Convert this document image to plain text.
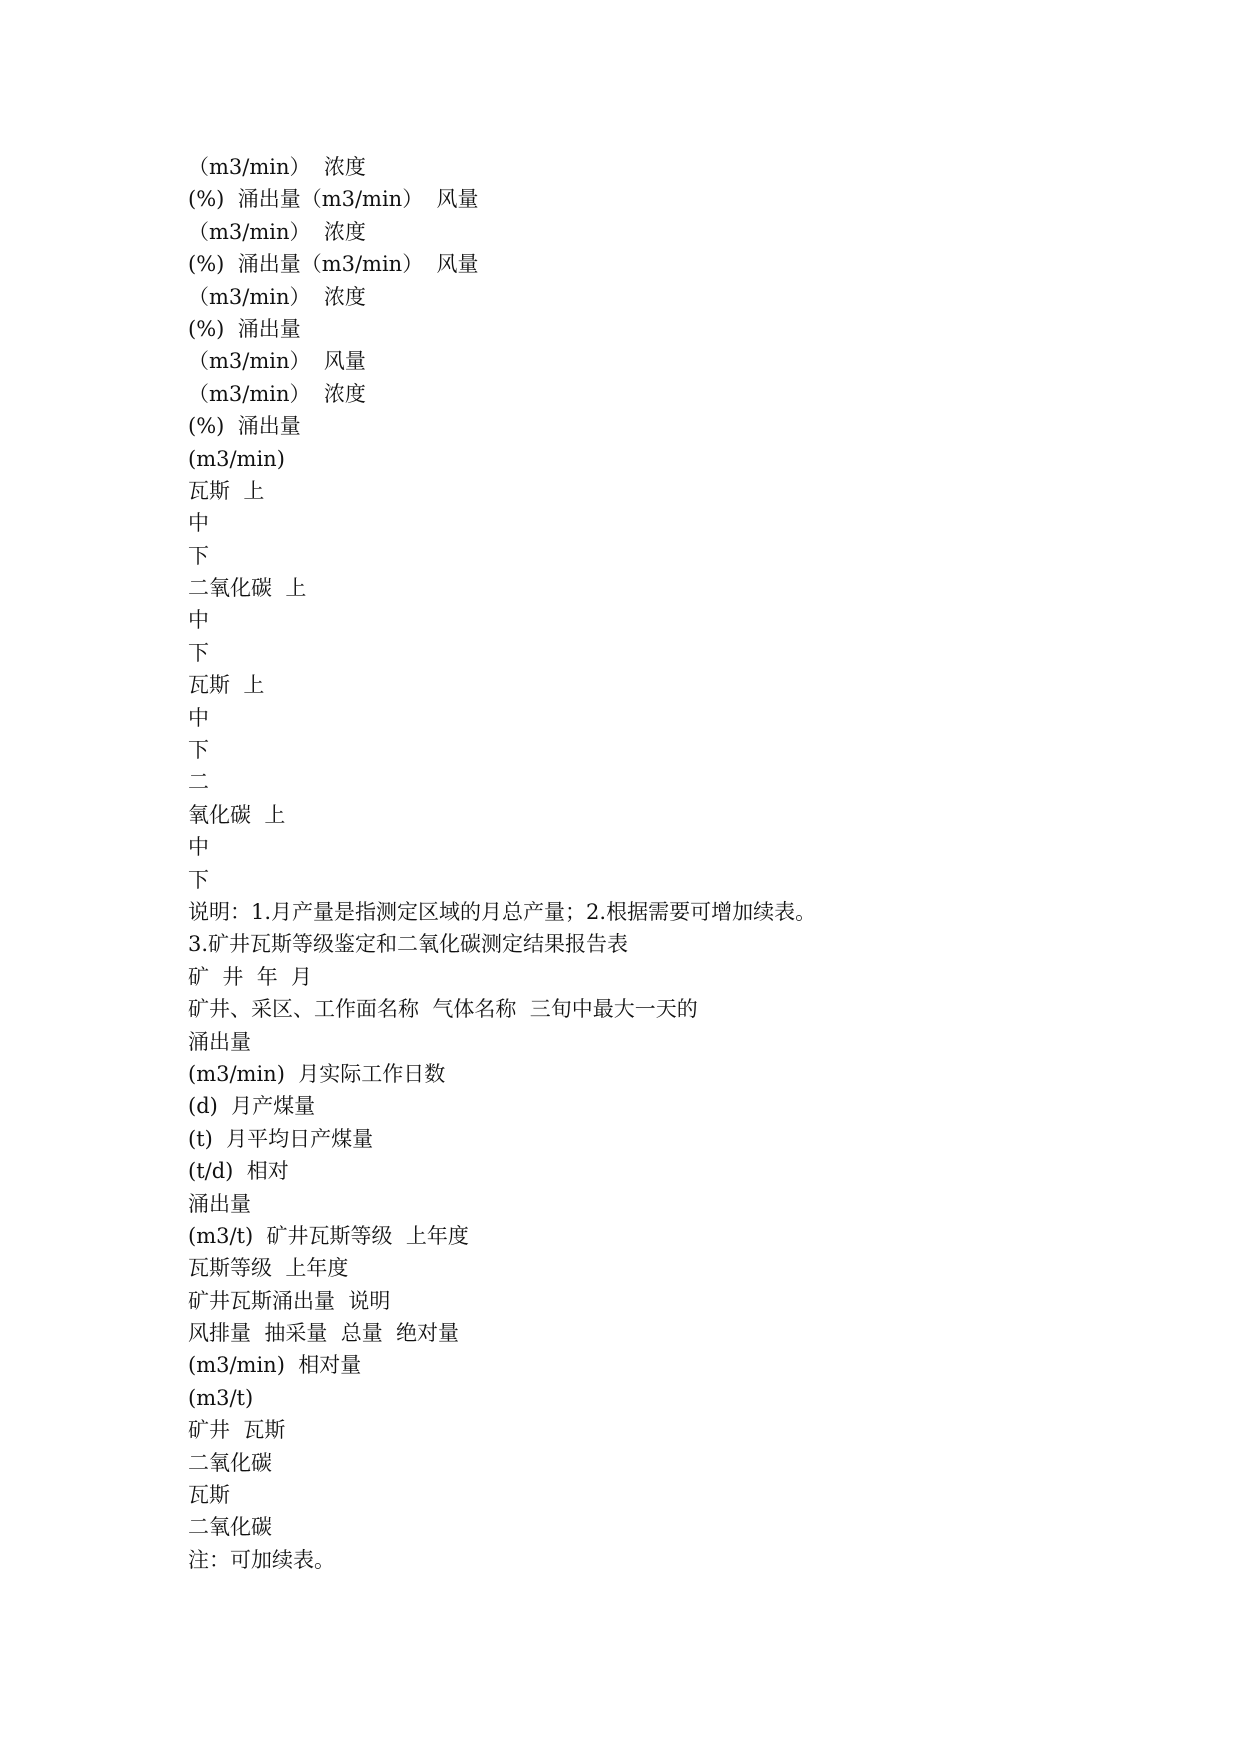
（m3/min）  浓度
(%)  涌出量（m3/min）  风量
（m3/min）  浓度
(%)  涌出量（m3/min）  风量
（m3/min）  浓度
(%)  涌出量
（m3/min）  风量
（m3/min）  浓度
(%)  涌出量
(m3/min)
瓦斯  上
中
下
二氧化碳  上
中
下
瓦斯  上
中
下
二
氧化碳  上
中
下
说明：1.月产量是指测定区域的月总产量；2.根据需要可增加续表。
3.矿井瓦斯等级鉴定和二氧化碳测定结果报告表
矿  井  年  月
矿井、采区、工作面名称  气体名称  三旬中最大一天的
涌出量
(m3/min)  月实际工作日数
(d)  月产煤量
(t)  月平均日产煤量
(t/d)  相对
涌出量
(m3/t)  矿井瓦斯等级  上年度
瓦斯等级  上年度
矿井瓦斯涌出量  说明
风排量  抽采量  总量  绝对量
(m3/min)  相对量
(m3/t)
矿井  瓦斯
二氧化碳
瓦斯
二氧化碳
注：可加续表。
